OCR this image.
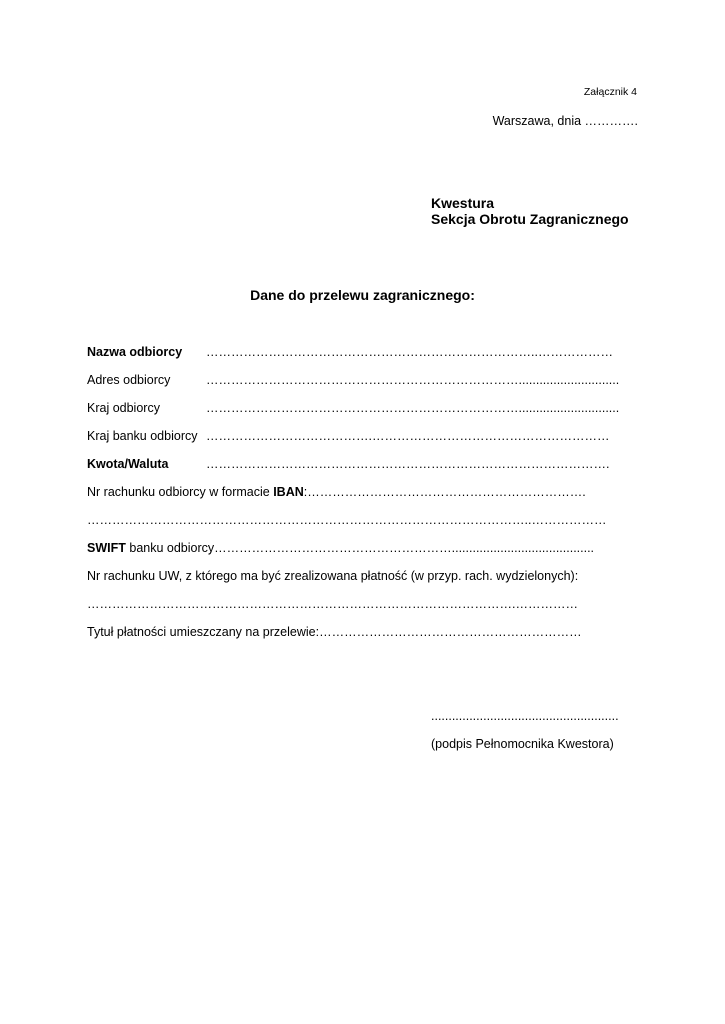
Załącznik 4
Warszawa, dnia ………….
Kwestura
Sekcja Obrotu Zagranicznego
Dane do przelewu zagranicznego:
Nazwa odbiorcy ……………………………………………………………………..………………
Adres odbiorcy	………………………………………………………………….............................
Kraj odbiorcy	………………………………………………………………….............................
Kraj banku odbiorcy ………………………………….…………………………………………………
Kwota/Waluta	…………………………………………………………………………………….
Nr rachunku odbiorcy w formacie IBAN:………………………………………………………….
……………………………………………………………………………………………..………………
SWIFT banku odbiorcy………………………………………………….........................................
Nr rachunku UW, z którego ma być zrealizowana płatność (w przyp. rach. wydzielonych):
………………………………………………………………………………………….……………
Tytuł płatności umieszczany na przelewie:………………………………………………………
......................................................
(podpis Pełnomocnika Kwestora)
